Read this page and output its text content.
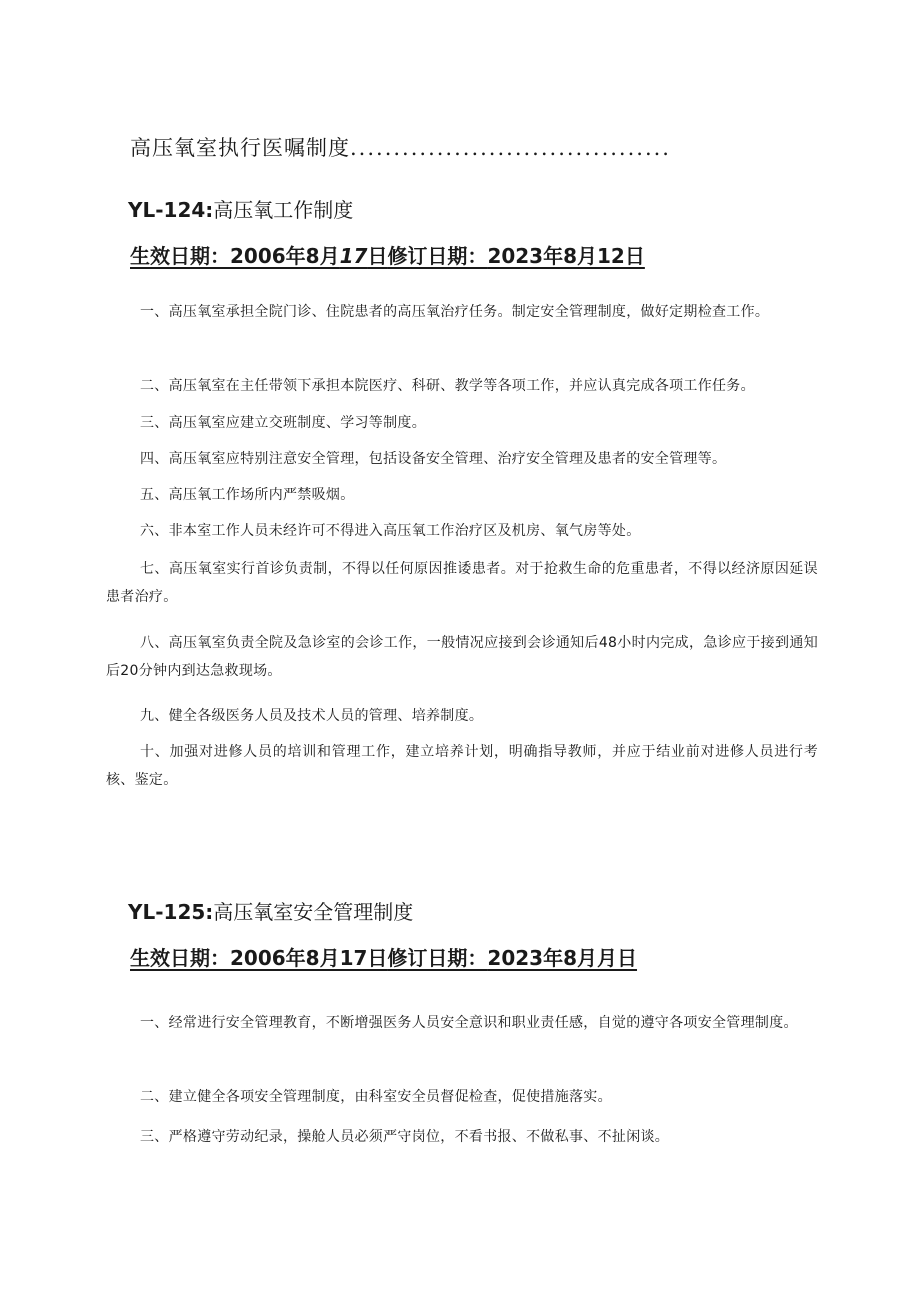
高压氧室执行医嘱制度.....................................
YL-124:高压氧工作制度
生效日期：2006年8月17日修订日期：2023年8月12日

一、高压氧室承担全院门诊、住院患者的高压氧治疗任务。制定安全管理制度，做好定期检查工作。

二、高压氧室在主任带领下承担本院医疗、科研、教学等各项工作，并应认真完成各项工作任务。

三、高压氧室应建立交班制度、学习等制度。

四、高压氧室应特别注意安全管理，包括设备安全管理、治疗安全管理及患者的安全管理等。

五、高压氧工作场所内严禁吸烟。

六、非本室工作人员未经许可不得进入高压氧工作治疗区及机房、氧气房等处。

七、高压氧室实行首诊负责制，不得以任何原因推诿患者。对于抢救生命的危重患者，不得以经济原因延误患者治疗。

八、高压氧室负责全院及急诊室的会诊工作，一般情况应接到会诊通知后48小时内完成，急诊应于接到通知后20分钟内到达急救现场。

九、健全各级医务人员及技术人员的管理、培养制度。

十、加强对进修人员的培训和管理工作，建立培养计划，明确指导教师，并应于结业前对进修人员进行考核、鉴定。

YL-125:高压氧室安全管理制度
生效日期：2006年8月17日修订日期：2023年8月月日

一、经常进行安全管理教育，不断增强医务人员安全意识和职业责任感，自觉的遵守各项安全管理制度。

二、建立健全各项安全管理制度，由科室安全员督促检查，促使措施落实。

三、严格遵守劳动纪录，操舱人员必须严守岗位，不看书报、不做私事、不扯闲谈。
